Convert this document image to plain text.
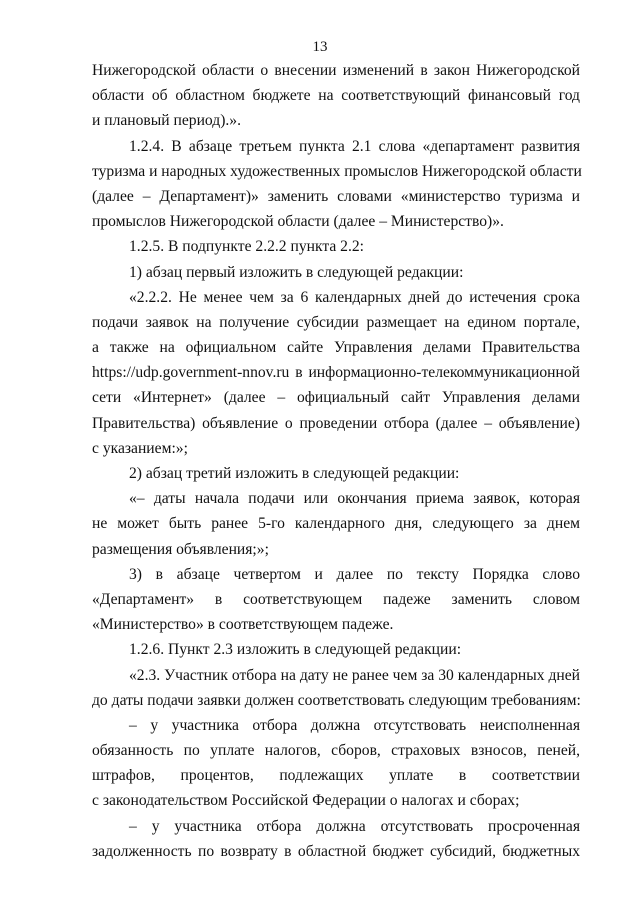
13
Нижегородской области о внесении изменений в закон Нижегородской
области об областном бюджете на соответствующий финансовый год
и плановый период).».
1.2.4. В абзаце третьем пункта 2.1 слова «департамент развития
туризма и народных художественных промыслов Нижегородской области
(далее – Департамент)» заменить словами «министерство туризма и
промыслов Нижегородской области (далее – Министерство)».
1.2.5. В подпункте 2.2.2 пункта 2.2:
1) абзац первый изложить в следующей редакции:
«2.2.2. Не менее чем за 6 календарных дней до истечения срока
подачи заявок на получение субсидии размещает на едином портале,
а также на официальном сайте Управления делами Правительства
https://udp.government-nnov.ru в информационно-телекоммуникационной
сети «Интернет» (далее – официальный сайт Управления делами
Правительства) объявление о проведении отбора (далее – объявление)
с указанием:»;
2) абзац третий изложить в следующей редакции:
«– даты начала подачи или окончания приема заявок, которая
не может быть ранее 5-го календарного дня, следующего за днем
размещения объявления;»;
3) в абзаце четвертом и далее по тексту Порядка слово
«Департамент» в соответствующем падеже заменить словом
«Министерство» в соответствующем падеже.
1.2.6. Пункт 2.3 изложить в следующей редакции:
«2.3. Участник отбора на дату не ранее чем за 30 календарных дней
до даты подачи заявки должен соответствовать следующим требованиям:
– у участника отбора должна отсутствовать неисполненная
обязанность по уплате налогов, сборов, страховых взносов, пеней,
штрафов, процентов, подлежащих уплате в соответствии
с законодательством Российской Федерации о налогах и сборах;
– у участника отбора должна отсутствовать просроченная
задолженность по возврату в областной бюджет субсидий, бюджетных
